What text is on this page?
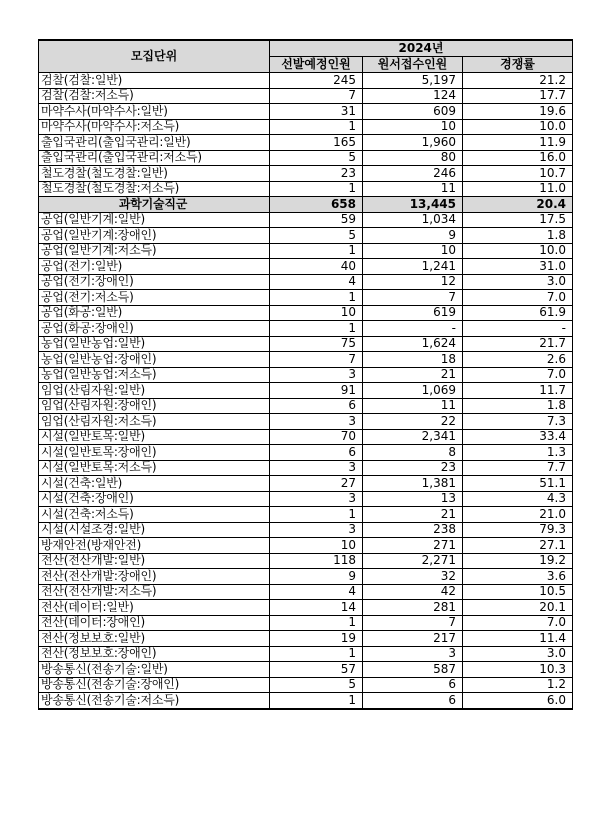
모집단위	2024년		
	선발예정인원	원서접수인원	경쟁률
검찰(검찰:일반)	245	5,197	21.2
검찰(검찰:저소득)	7	124	17.7
마약수사(마약수사:일반)	31	609	19.6
마약수사(마약수사:저소득)	1	10	10.0
출입국관리(출입국관리:일반)	165	1,960	11.9
출입국관리(출입국관리:저소득)	5	80	16.0
철도경찰(철도경찰:일반)	23	246	10.7
철도경찰(철도경찰:저소득)	1	11	11.0
과학기술직군	658	13,445	20.4
공업(일반기계:일반)	59	1,034	17.5
공업(일반기계:장애인)	5	9	1.8
공업(일반기계:저소득)	1	10	10.0
공업(전기:일반)	40	1,241	31.0
공업(전기:장애인)	4	12	3.0
공업(전기:저소득)	1	7	7.0
공업(화공:일반)	10	619	61.9
공업(화공:장애인)	1	-	-
농업(일반농업:일반)	75	1,624	21.7
농업(일반농업:장애인)	7	18	2.6
농업(일반농업:저소득)	3	21	7.0
임업(산림자원:일반)	91	1,069	11.7
임업(산림자원:장애인)	6	11	1.8
임업(산림자원:저소득)	3	22	7.3
시설(일반토목:일반)	70	2,341	33.4
시설(일반토목:장애인)	6	8	1.3
시설(일반토목:저소득)	3	23	7.7
시설(건축:일반)	27	1,381	51.1
시설(건축:장애인)	3	13	4.3
시설(건축:저소득)	1	21	21.0
시설(시설조경:일반)	3	238	79.3
방재안전(방재안전)	10	271	27.1
전산(전산개발:일반)	118	2,271	19.2
전산(전산개발:장애인)	9	32	3.6
전산(전산개발:저소득)	4	42	10.5
전산(데이터:일반)	14	281	20.1
전산(데이터:장애인)	1	7	7.0
전산(정보보호:일반)	19	217	11.4
전산(정보보호:장애인)	1	3	3.0
방송통신(전송기술:일반)	57	587	10.3
방송통신(전송기술:장애인)	5	6	1.2
방송통신(전송기술:저소득)	1	6	6.0
